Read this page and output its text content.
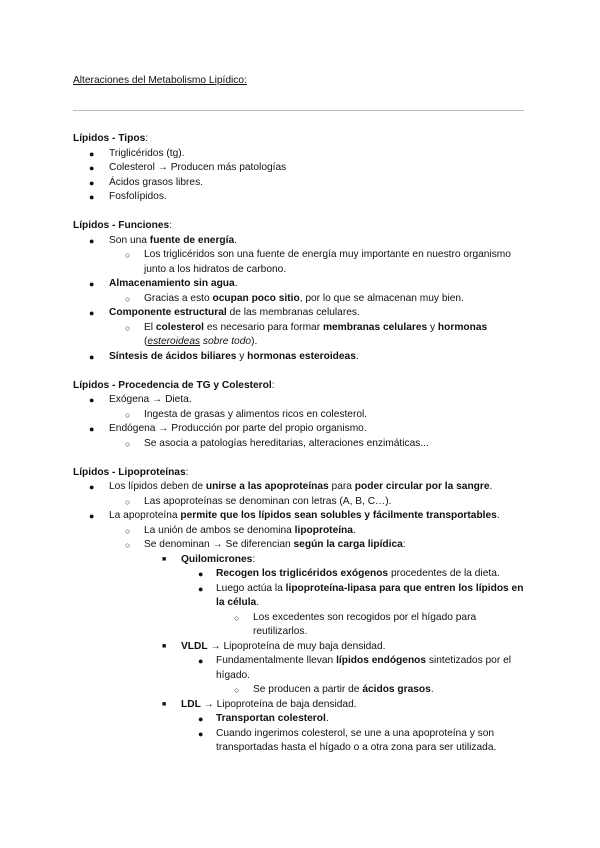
Alteraciones del Metabolismo Lipídico:

Lípidos - Tipos:

● Triglicéridos (tg).
● Colesterol → Producen más patologías
● Ácidos grasos libres.
● Fosfolípidos.

Lípidos - Funciones:

● Son una fuente de energía.
○ Los triglicéridos son una fuente de energía muy importante en nuestro organismo junto a los hidratos de carbono.
● Almacenamiento sin agua.
○ Gracias a esto ocupan poco sitio, por lo que se almacenan muy bien.
● Componente estructural de las membranas celulares.
○ El colesterol es necesario para formar membranas celulares y hormonas (esteroideas sobre todo).
● Síntesis de ácidos biliares y hormonas esteroideas.

Lípidos - Procedencia de TG y Colesterol:

● Exógena → Dieta.
○ Ingesta de grasas y alimentos ricos en colesterol.
● Endógena → Producción por parte del propio organismo.
○ Se asocia a patologías hereditarias, alteraciones enzimáticas...

Lípidos - Lipoproteínas:

● Los lípidos deben de unirse a las apoproteínas para poder circular por la sangre.
○ Las apoproteínas se denominan con letras (A, B, C…).
● La apoproteína permite que los lípidos sean solubles y fácilmente transportables.
○ La unión de ambos se denomina lipoproteína.
○ Se denominan → Se diferencian según la carga lipídica:
■ Quilomicrones:
● Recogen los triglicéridos exógenos procedentes de la dieta.
● Luego actúa la lipoproteína-lipasa para que entren los lípidos en la célula.
○ Los excedentes son recogidos por el hígado para reutilizarlos.
■ VLDL → Lipoproteína de muy baja densidad.
● Fundamentalmente llevan lípidos endógenos sintetizados por el hígado.
○ Se producen a partir de ácidos grasos.
■ LDL → Lipoproteína de baja densidad.
● Transportan colesterol.
● Cuando ingerimos colesterol, se une a una apoproteína y son transportadas hasta el hígado o a otra zona para ser utilizada.
